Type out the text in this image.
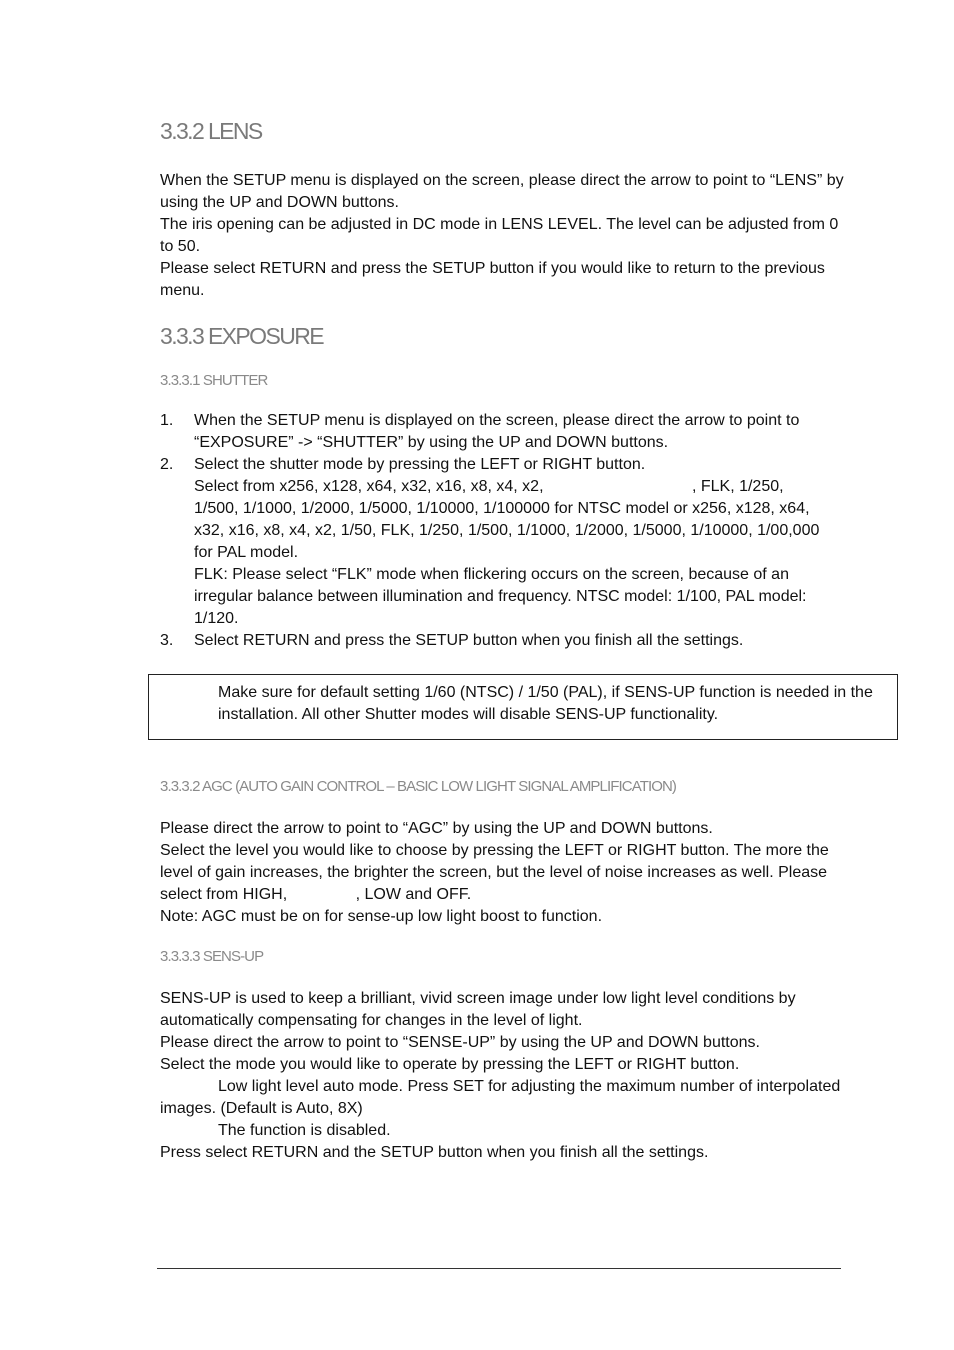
3.3.2 LENS

When the SETUP menu is displayed on the screen, please direct the arrow to point to “LENS” by using the UP and DOWN buttons.

The iris opening can be adjusted in DC mode in LENS LEVEL. The level can be adjusted from 0 to 50.

Please select RETURN and press the SETUP button if you would like to return to the previous menu.

3.3.3 EXPOSURE
3.3.3.1 SHUTTER
1. When the SETUP menu is displayed on the screen, please direct the arrow to point to “EXPOSURE” -> “SHUTTER” by using the UP and DOWN buttons.
2. Select the shutter mode by pressing the LEFT or RIGHT button.
Select from x256, x128, x64, x32, x16, x8, x4, x2,          , FLK, 1/250, 1/500, 1/1000, 1/2000, 1/5000, 1/10000, 1/100000 for NTSC model or x256, x128, x64, x32, x16, x8, x4, x2, 1/50, FLK, 1/250, 1/500, 1/1000, 1/2000, 1/5000, 1/10000, 1/00,000 for PAL model.
FLK: Please select “FLK” mode when flickering occurs on the screen, because of an irregular balance between illumination and frequency. NTSC model: 1/100, PAL model: 1/120.
3. Select RETURN and press the SETUP button when you finish all the settings.

Make sure for default setting 1/60 (NTSC) / 1/50 (PAL), if SENS-UP function is needed in the installation. All other Shutter modes will disable SENS-UP functionality.

3.3.3.2 AGC (AUTO GAIN CONTROL – BASIC LOW LIGHT SIGNAL AMPLIFICATION)

Please direct the arrow to point to “AGC” by using the UP and DOWN buttons.

Select the level you would like to choose by pressing the LEFT or RIGHT button. The more the level of gain increases, the brighter the screen, but the level of noise increases as well. Please select from HIGH,     , LOW and OFF.

Note: AGC must be on for sense-up low light boost to function.

3.3.3.3 SENS-UP

SENS-UP is used to keep a brilliant, vivid screen image under low light level conditions by automatically compensating for changes in the level of light.

Please direct the arrow to point to “SENSE-UP” by using the UP and DOWN buttons.

Select the mode you would like to operate by pressing the LEFT or RIGHT button.

Low light level auto mode. Press SET for adjusting the maximum number of interpolated images. (Default is Auto, 8X)

The function is disabled.

Press select RETURN and the SETUP button when you finish all the settings.
